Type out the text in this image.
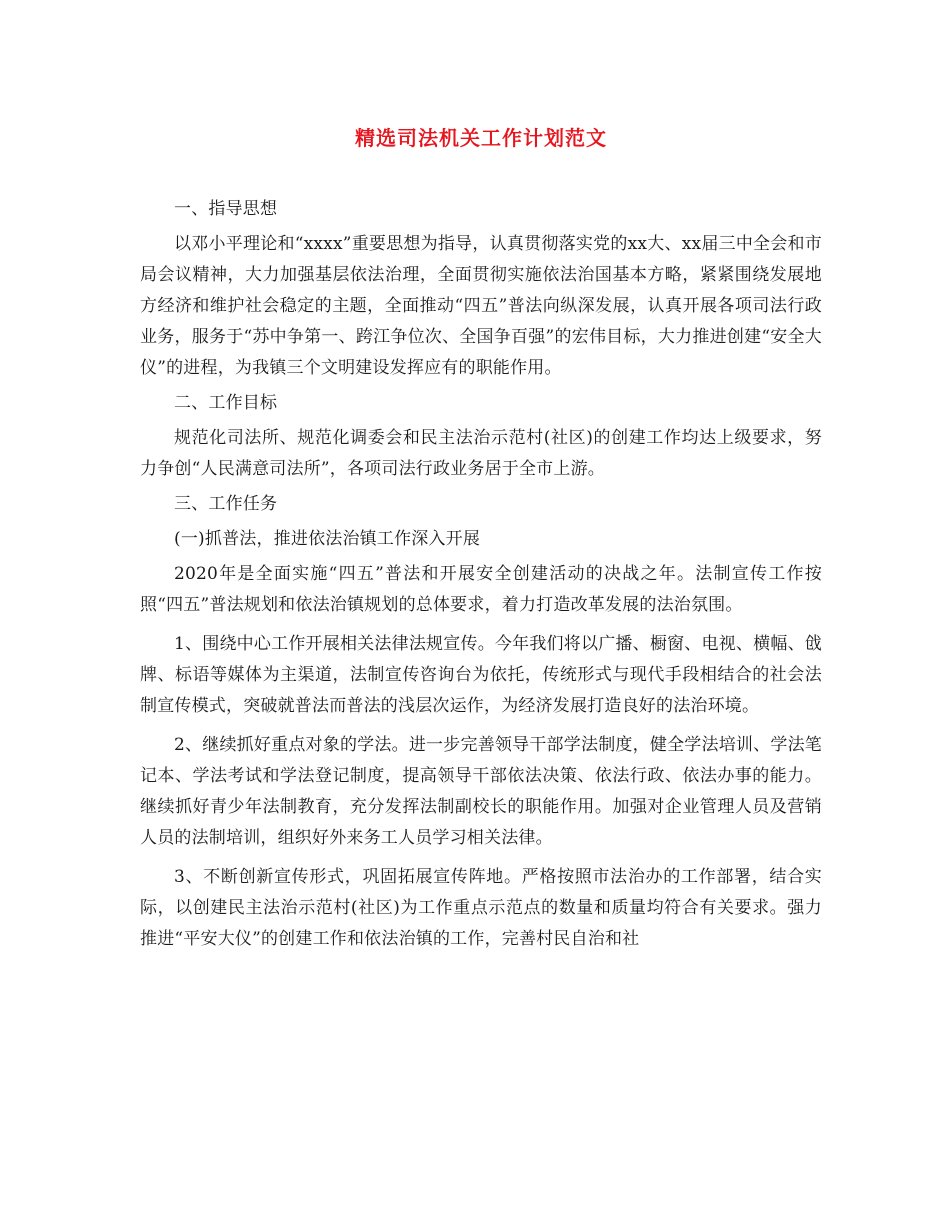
精选司法机关工作计划范文

一、指导思想

以邓小平理论和“xxxx”重要思想为指导，认真贯彻落实党的xx大、xx届三中全会和市局会议精神，大力加强基层依法治理，全面贯彻实施依法治国基本方略，紧紧围绕发展地方经济和维护社会稳定的主题，全面推动“四五”普法向纵深发展，认真开展各项司法行政业务，服务于“苏中争第一、跨江争位次、全国争百强”的宏伟目标，大力推进创建“安全大仪”的进程，为我镇三个文明建设发挥应有的职能作用。

二、工作目标

规范化司法所、规范化调委会和民主法治示范村(社区)的创建工作均达上级要求，努力争创“人民满意司法所”，各项司法行政业务居于全市上游。

三、工作任务

(一)抓普法，推进依法治镇工作深入开展

2020年是全面实施“四五”普法和开展安全创建活动的决战之年。法制宣传工作按照“四五”普法规划和依法治镇规划的总体要求，着力打造改革发展的法治氛围。

1、围绕中心工作开展相关法律法规宣传。今年我们将以广播、橱窗、电视、横幅、戗牌、标语等媒体为主渠道，法制宣传咨询台为依托，传统形式与现代手段相结合的社会法制宣传模式，突破就普法而普法的浅层次运作，为经济发展打造良好的法治环境。

2、继续抓好重点对象的学法。进一步完善领导干部学法制度，健全学法培训、学法笔记本、学法考试和学法登记制度，提高领导干部依法决策、依法行政、依法办事的能力。继续抓好青少年法制教育，充分发挥法制副校长的职能作用。加强对企业管理人员及营销人员的法制培训，组织好外来务工人员学习相关法律。

3、不断创新宣传形式，巩固拓展宣传阵地。严格按照市法治办的工作部署，结合实际，以创建民主法治示范村(社区)为工作重点示范点的数量和质量均符合有关要求。强力推进“平安大仪”的创建工作和依法治镇的工作，完善村民自治和社
